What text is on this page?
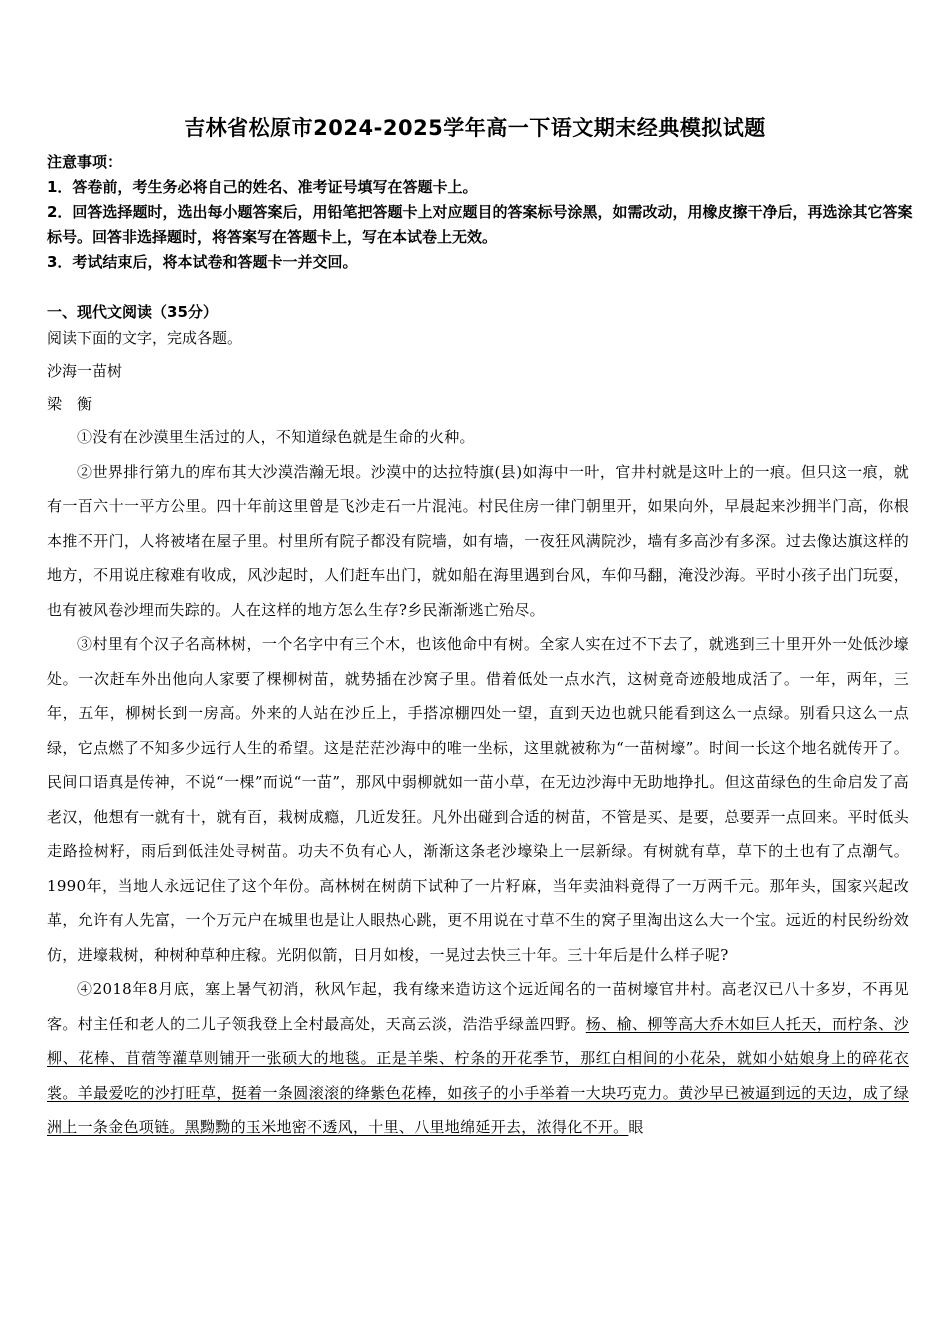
吉林省松原市2024-2025学年高一下语文期末经典模拟试题
注意事项：
1．答卷前，考生务必将自己的姓名、准考证号填写在答题卡上。
2．回答选择题时，选出每小题答案后，用铅笔把答题卡上对应题目的答案标号涂黑，如需改动，用橡皮擦干净后，再选涂其它答案标号。回答非选择题时，将答案写在答题卡上，写在本试卷上无效。
3．考试结束后，将本试卷和答题卡一并交回。
一、现代文阅读（35分）
阅读下面的文字，完成各题。
沙海一苗树
梁　衡

①没有在沙漠里生活过的人，不知道绿色就是生命的火种。

②世界排行第九的库布其大沙漠浩瀚无垠。沙漠中的达拉特旗(县)如海中一叶，官井村就是这叶上的一痕。但只这一痕，就有一百六十一平方公里。四十年前这里曾是飞沙走石一片混沌。村民住房一律门朝里开，如果向外，早晨起来沙拥半门高，你根本推不开门，人将被堵在屋子里。村里所有院子都没有院墙，如有墙，一夜狂风满院沙，墙有多高沙有多深。过去像达旗这样的地方，不用说庄稼难有收成，风沙起时，人们赶车出门，就如船在海里遇到台风，车仰马翻，淹没沙海。平时小孩子出门玩耍，也有被风卷沙埋而失踪的。人在这样的地方怎么生存?乡民渐渐逃亡殆尽。

③村里有个汉子名高林树，一个名字中有三个木，也该他命中有树。全家人实在过不下去了，就逃到三十里开外一处低沙壕处。一次赶车外出他向人家要了棵柳树苗，就势插在沙窝子里。借着低处一点水汽，这树竟奇迹般地成活了。一年，两年，三年，五年，柳树长到一房高。外来的人站在沙丘上，手搭凉棚四处一望，直到天边也就只能看到这么一点绿。别看只这么一点绿，它点燃了不知多少远行人生的希望。这是茫茫沙海中的唯一坐标，这里就被称为“一苗树壕”。时间一长这个地名就传开了。民间口语真是传神，不说“一棵”而说“一苗”，那风中弱柳就如一苗小草，在无边沙海中无助地挣扎。但这苗绿色的生命启发了高老汉，他想有一就有十，就有百，栽树成瘾，几近发狂。凡外出碰到合适的树苗，不管是买、是要，总要弄一点回来。平时低头走路捡树籽，雨后到低洼处寻树苗。功夫不负有心人，渐渐这条老沙壕染上一层新绿。有树就有草，草下的土也有了点潮气。1990年，当地人永远记住了这个年份。高林树在树荫下试种了一片籽麻，当年卖油料竟得了一万两千元。那年头，国家兴起改革，允许有人先富，一个万元户在城里也是让人眼热心跳，更不用说在寸草不生的窝子里淘出这么大一个宝。远近的村民纷纷效仿，进壕栽树，种树种草种庄稼。光阴似箭，日月如梭，一晃过去快三十年。三十年后是什么样子呢?

④2018年8月底，塞上暑气初消，秋风乍起，我有缘来造访这个远近闻名的一苗树壕官井村。高老汉已八十多岁，不再见客。村主任和老人的二儿子领我登上全村最高处，天高云淡，浩浩乎绿盖四野。杨、榆、柳等高大乔木如巨人托天，而柠条、沙柳、花棒、苜蓿等灌草则铺开一张硕大的地毯。正是羊柴、柠条的开花季节，那红白相间的小花朵，就如小姑娘身上的碎花衣裳。羊最爱吃的沙打旺草，挺着一条圆滚滚的绛紫色花棒，如孩子的小手举着一大块巧克力。黄沙早已被逼到远的天边，成了绿洲上一条金色项链。黑黝黝的玉米地密不透风，十里、八里地绵延开去，浓得化不开。眼
